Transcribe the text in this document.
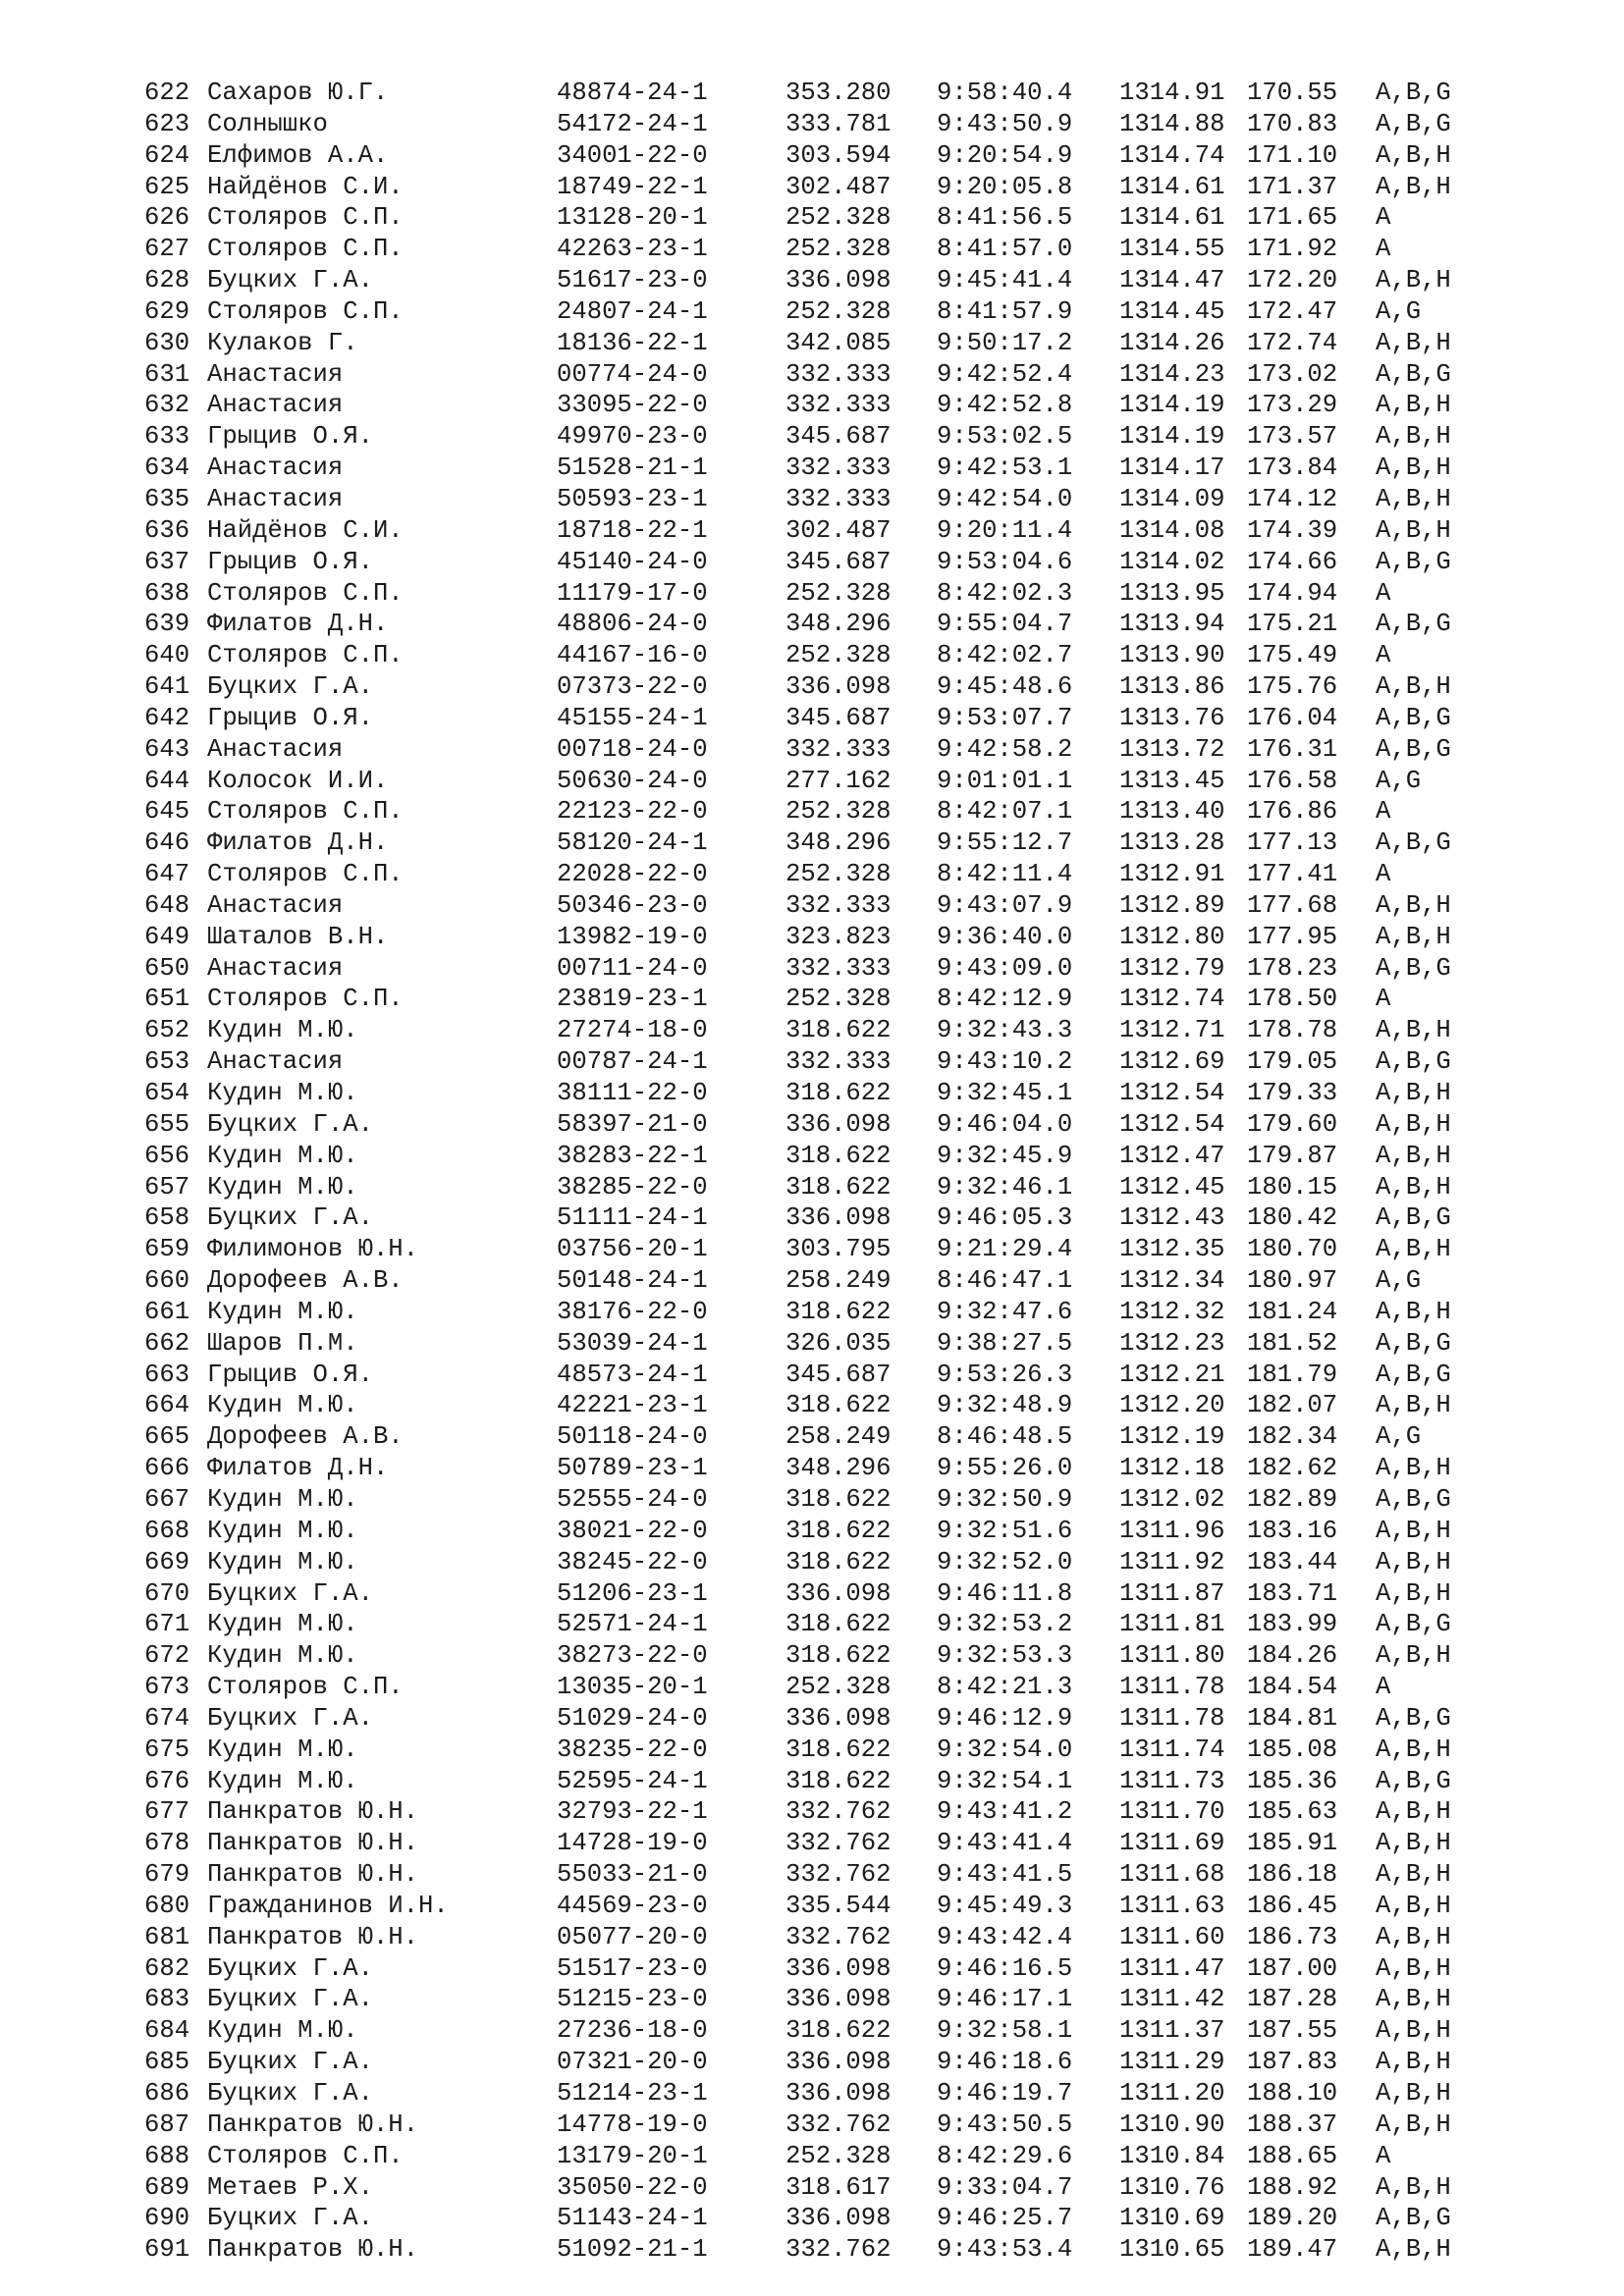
622 Сахаров Ю.Г.	48874-24-1	353.280 9:58:40.4 1314.91 170.55 A,B,G
623 Солнышко	54172-24-1	333.781 9:43:50.9 1314.88 170.83 A,B,G
624 Елфимов А.А.	34001-22-0	303.594 9:20:54.9 1314.74 171.10 A,B,H
625 Найдёнов С.И.	18749-22-1	302.487 9:20:05.8 1314.61 171.37 A,B,H
626 Столяров С.П.	13128-20-1	252.328 8:41:56.5 1314.61 171.65 A
627 Столяров С.П.	42263-23-1	252.328 8:41:57.0 1314.55 171.92 A
628 Буцких Г.А.	51617-23-0	336.098 9:45:41.4 1314.47 172.20 A,B,H
629 Столяров С.П.	24807-24-1	252.328 8:41:57.9 1314.45 172.47 A,G
630 Кулаков Г.	18136-22-1	342.085 9:50:17.2 1314.26 172.74 A,B,H
631 Анастасия	00774-24-0	332.333 9:42:52.4 1314.23 173.02 A,B,G
632 Анастасия	33095-22-0	332.333 9:42:52.8 1314.19 173.29 A,B,H
633 Грыцив О.Я.	49970-23-0	345.687 9:53:02.5 1314.19 173.57 A,B,H
634 Анастасия	51528-21-1	332.333 9:42:53.1 1314.17 173.84 A,B,H
635 Анастасия	50593-23-1	332.333 9:42:54.0 1314.09 174.12 A,B,H
636 Найдёнов С.И.	18718-22-1	302.487 9:20:11.4 1314.08 174.39 A,B,H
637 Грыцив О.Я.	45140-24-0	345.687 9:53:04.6 1314.02 174.66 A,B,G
638 Столяров С.П.	11179-17-0	252.328 8:42:02.3 1313.95 174.94 A
639 Филатов Д.Н.	48806-24-0	348.296 9:55:04.7 1313.94 175.21 A,B,G
640 Столяров С.П.	44167-16-0	252.328 8:42:02.7 1313.90 175.49 A
641 Буцких Г.А.	07373-22-0	336.098 9:45:48.6 1313.86 175.76 A,B,H
642 Грыцив О.Я.	45155-24-1	345.687 9:53:07.7 1313.76 176.04 A,B,G
643 Анастасия	00718-24-0	332.333 9:42:58.2 1313.72 176.31 A,B,G
644 Колосок И.И.	50630-24-0	277.162 9:01:01.1 1313.45 176.58 A,G
645 Столяров С.П.	22123-22-0	252.328 8:42:07.1 1313.40 176.86 A
646 Филатов Д.Н.	58120-24-1	348.296 9:55:12.7 1313.28 177.13 A,B,G
647 Столяров С.П.	22028-22-0	252.328 8:42:11.4 1312.91 177.41 A
648 Анастасия	50346-23-0	332.333 9:43:07.9 1312.89 177.68 A,B,H
649 Шаталов В.Н.	13982-19-0	323.823 9:36:40.0 1312.80 177.95 A,B,H
650 Анастасия	00711-24-0	332.333 9:43:09.0 1312.79 178.23 A,B,G
651 Столяров С.П.	23819-23-1	252.328 8:42:12.9 1312.74 178.50 A
652 Кудин М.Ю.	27274-18-0	318.622 9:32:43.3 1312.71 178.78 A,B,H
653 Анастасия	00787-24-1	332.333 9:43:10.2 1312.69 179.05 A,B,G
654 Кудин М.Ю.	38111-22-0	318.622 9:32:45.1 1312.54 179.33 A,B,H
655 Буцких Г.А.	58397-21-0	336.098 9:46:04.0 1312.54 179.60 A,B,H
656 Кудин М.Ю.	38283-22-1	318.622 9:32:45.9 1312.47 179.87 A,B,H
657 Кудин М.Ю.	38285-22-0	318.622 9:32:46.1 1312.45 180.15 A,B,H
658 Буцких Г.А.	51111-24-1	336.098 9:46:05.3 1312.43 180.42 A,B,G
659 Филимонов Ю.Н.	03756-20-1	303.795 9:21:29.4 1312.35 180.70 A,B,H
660 Дорофеев А.В.	50148-24-1	258.249 8:46:47.1 1312.34 180.97 A,G
661 Кудин М.Ю.	38176-22-0	318.622 9:32:47.6 1312.32 181.24 A,B,H
662 Шаров П.М.	53039-24-1	326.035 9:38:27.5 1312.23 181.52 A,B,G
663 Грыцив О.Я.	48573-24-1	345.687 9:53:26.3 1312.21 181.79 A,B,G
664 Кудин М.Ю.	42221-23-1	318.622 9:32:48.9 1312.20 182.07 A,B,H
665 Дорофеев А.В.	50118-24-0	258.249 8:46:48.5 1312.19 182.34 A,G
666 Филатов Д.Н.	50789-23-1	348.296 9:55:26.0 1312.18 182.62 A,B,H
667 Кудин М.Ю.	52555-24-0	318.622 9:32:50.9 1312.02 182.89 A,B,G
668 Кудин М.Ю.	38021-22-0	318.622 9:32:51.6 1311.96 183.16 A,B,H
669 Кудин М.Ю.	38245-22-0	318.622 9:32:52.0 1311.92 183.44 A,B,H
670 Буцких Г.А.	51206-23-1	336.098 9:46:11.8 1311.87 183.71 A,B,H
671 Кудин М.Ю.	52571-24-1	318.622 9:32:53.2 1311.81 183.99 A,B,G
672 Кудин М.Ю.	38273-22-0	318.622 9:32:53.3 1311.80 184.26 A,B,H
673 Столяров С.П.	13035-20-1	252.328 8:42:21.3 1311.78 184.54 A
674 Буцких Г.А.	51029-24-0	336.098 9:46:12.9 1311.78 184.81 A,B,G
675 Кудин М.Ю.	38235-22-0	318.622 9:32:54.0 1311.74 185.08 A,B,H
676 Кудин М.Ю.	52595-24-1	318.622 9:32:54.1 1311.73 185.36 A,B,G
677 Панкратов Ю.Н.	32793-22-1	332.762 9:43:41.2 1311.70 185.63 A,B,H
678 Панкратов Ю.Н.	14728-19-0	332.762 9:43:41.4 1311.69 185.91 A,B,H
679 Панкратов Ю.Н.	55033-21-0	332.762 9:43:41.5 1311.68 186.18 A,B,H
680 Гражданинов И.Н.	44569-23-0	335.544 9:45:49.3 1311.63 186.45 A,B,H
681 Панкратов Ю.Н.	05077-20-0	332.762 9:43:42.4 1311.60 186.73 A,B,H
682 Буцких Г.А.	51517-23-0	336.098 9:46:16.5 1311.47 187.00 A,B,H
683 Буцких Г.А.	51215-23-0	336.098 9:46:17.1 1311.42 187.28 A,B,H
684 Кудин М.Ю.	27236-18-0	318.622 9:32:58.1 1311.37 187.55 A,B,H
685 Буцких Г.А.	07321-20-0	336.098 9:46:18.6 1311.29 187.83 A,B,H
686 Буцких Г.А.	51214-23-1	336.098 9:46:19.7 1311.20 188.10 A,B,H
687 Панкратов Ю.Н.	14778-19-0	332.762 9:43:50.5 1310.90 188.37 A,B,H
688 Столяров С.П.	13179-20-1	252.328 8:42:29.6 1310.84 188.65 A
689 Метаев Р.Х.	35050-22-0	318.617 9:33:04.7 1310.76 188.92 A,B,H
690 Буцких Г.А.	51143-24-1	336.098 9:46:25.7 1310.69 189.20 A,B,G
691 Панкратов Ю.Н.	51092-21-1	332.762 9:43:53.4 1310.65 189.47 A,B,H
